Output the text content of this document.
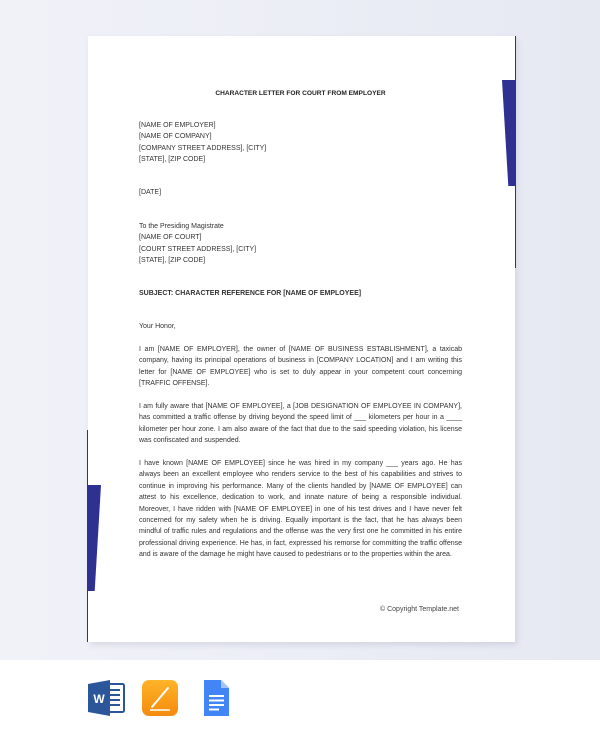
CHARACTER LETTER FOR COURT FROM EMPLOYER
[NAME OF EMPLOYER]
[NAME OF COMPANY]
[COMPANY STREET ADDRESS], [CITY]
[STATE], [ZIP CODE]
[DATE]
To the Presiding Magistrate
[NAME OF COURT]
[COURT STREET ADDRESS], [CITY]
[STATE], [ZIP CODE]
SUBJECT: CHARACTER REFERENCE FOR [NAME OF EMPLOYEE]
Your Honor,
I am [NAME OF EMPLOYER], the owner of [NAME OF BUSINESS ESTABLISHMENT], a taxicab company, having its principal operations of business in [COMPANY LOCATION] and I am writing this letter for [NAME OF EMPLOYEE] who is set to duly appear in your competent court concerning [TRAFFIC OFFENSE].
I am fully aware that [NAME OF EMPLOYEE], a [JOB DESIGNATION OF EMPLOYEE IN COMPANY], has committed a traffic offense by driving beyond the speed limit of ___ kilometers per hour in a ____ kilometer per hour zone. I am also aware of the fact that due to the said speeding violation, his license was confiscated and suspended.
I have known [NAME OF EMPLOYEE] since he was hired in my company ___ years ago. He has always been an excellent employee who renders service to the best of his capabilities and strives to continue in improving his performance. Many of the clients handled by [NAME OF EMPLOYEE] can attest to his excellence, dedication to work, and innate nature of being a responsible individual. Moreover, I have ridden with [NAME OF EMPLOYEE] in one of his test drives and I have never felt concerned for my safety when he is driving. Equally important is the fact, that he has always been mindful of traffic rules and regulations and the offense was the very first one he committed in his entire professional driving experience. He has, in fact, expressed his remorse for committing the traffic offense and is aware of the damage he might have caused to pedestrians or to the properties within the area.
© Copyright Template.net
W
